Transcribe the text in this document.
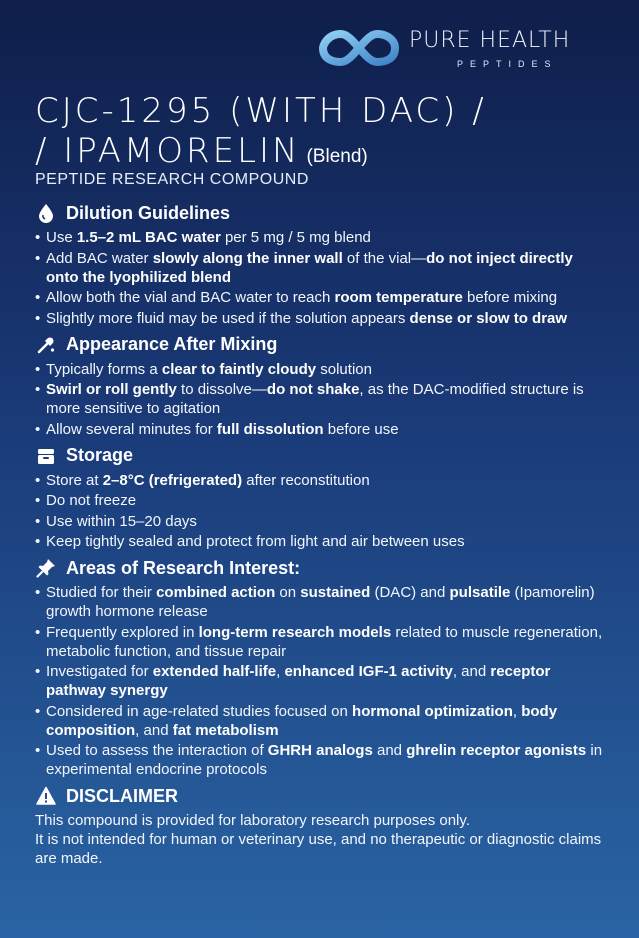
PURE HEALTH
PEPTIDES
CJC-1295 (WITH DAC) /
/ IPAMORELIN (Blend)
PEPTIDE RESEARCH COMPOUND
Dilution Guidelines
• Use 1.5–2 mL BAC water per 5 mg / 5 mg blend
• Add BAC water slowly along the inner wall of the vial—do not inject directly onto the lyophilized blend
• Allow both the vial and BAC water to reach room temperature before mixing
• Slightly more fluid may be used if the solution appears dense or slow to draw
Appearance After Mixing
• Typically forms a clear to faintly cloudy solution
• Swirl or roll gently to dissolve—do not shake, as the DAC-modified structure is more sensitive to agitation
• Allow several minutes for full dissolution before use
Storage
• Store at 2–8°C (refrigerated) after reconstitution
• Do not freeze
• Use within 15–20 days
• Keep tightly sealed and protect from light and air between uses
Areas of Research Interest:
• Studied for their combined action on sustained (DAC) and pulsatile (Ipamorelin) growth hormone release
• Frequently explored in long-term research models related to muscle regeneration, metabolic function, and tissue repair
• Investigated for extended half-life, enhanced IGF-1 activity, and receptor pathway synergy
• Considered in age-related studies focused on hormonal optimization, body composition, and fat metabolism
• Used to assess the interaction of GHRH analogs and ghrelin receptor agonists in experimental endocrine protocols
DISCLAIMER
This compound is provided for laboratory research purposes only.
It is not intended for human or veterinary use, and no therapeutic or diagnostic claims are made.
